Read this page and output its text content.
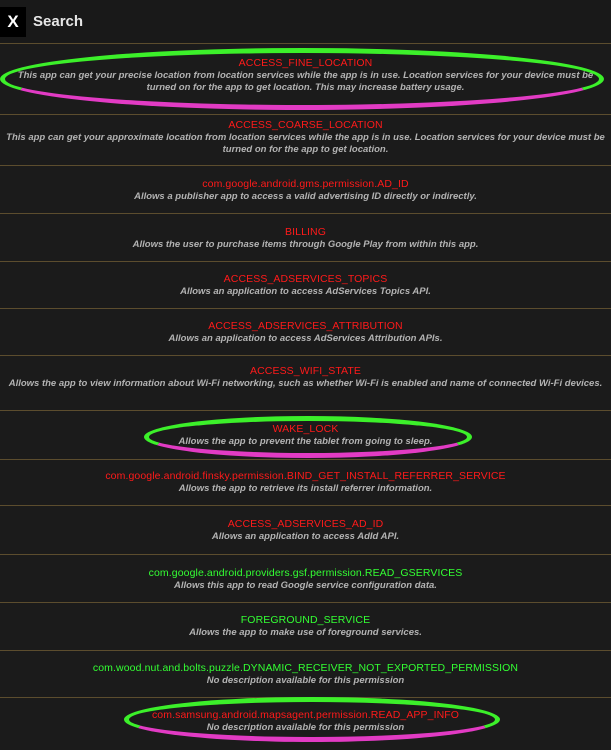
X Search
ACCESS_FINE_LOCATION
This app can get your precise location from location services while the app is in use. Location services for your device must be turned on for the app to get location. This may increase battery usage.
ACCESS_COARSE_LOCATION
This app can get your approximate location from location services while the app is in use. Location services for your device must be turned on for the app to get location.
com.google.android.gms.permission.AD_ID
Allows a publisher app to access a valid advertising ID directly or indirectly.
BILLING
Allows the user to purchase items through Google Play from within this app.
ACCESS_ADSERVICES_TOPICS
Allows an application to access AdServices Topics API.
ACCESS_ADSERVICES_ATTRIBUTION
Allows an application to access AdServices Attribution APIs.
ACCESS_WIFI_STATE
Allows the app to view information about Wi-Fi networking, such as whether Wi-Fi is enabled and name of connected Wi-Fi devices.
WAKE_LOCK
Allows the app to prevent the tablet from going to sleep.
com.google.android.finsky.permission.BIND_GET_INSTALL_REFERRER_SERVICE
Allows the app to retrieve its install referrer information.
ACCESS_ADSERVICES_AD_ID
Allows an application to access AdId API.
com.google.android.providers.gsf.permission.READ_GSERVICES
Allows this app to read Google service configuration data.
FOREGROUND_SERVICE
Allows the app to make use of foreground services.
com.wood.nut.and.bolts.puzzle.DYNAMIC_RECEIVER_NOT_EXPORTED_PERMISSION
No description available for this permission
com.samsung.android.mapsagent.permission.READ_APP_INFO
No description available for this permission
